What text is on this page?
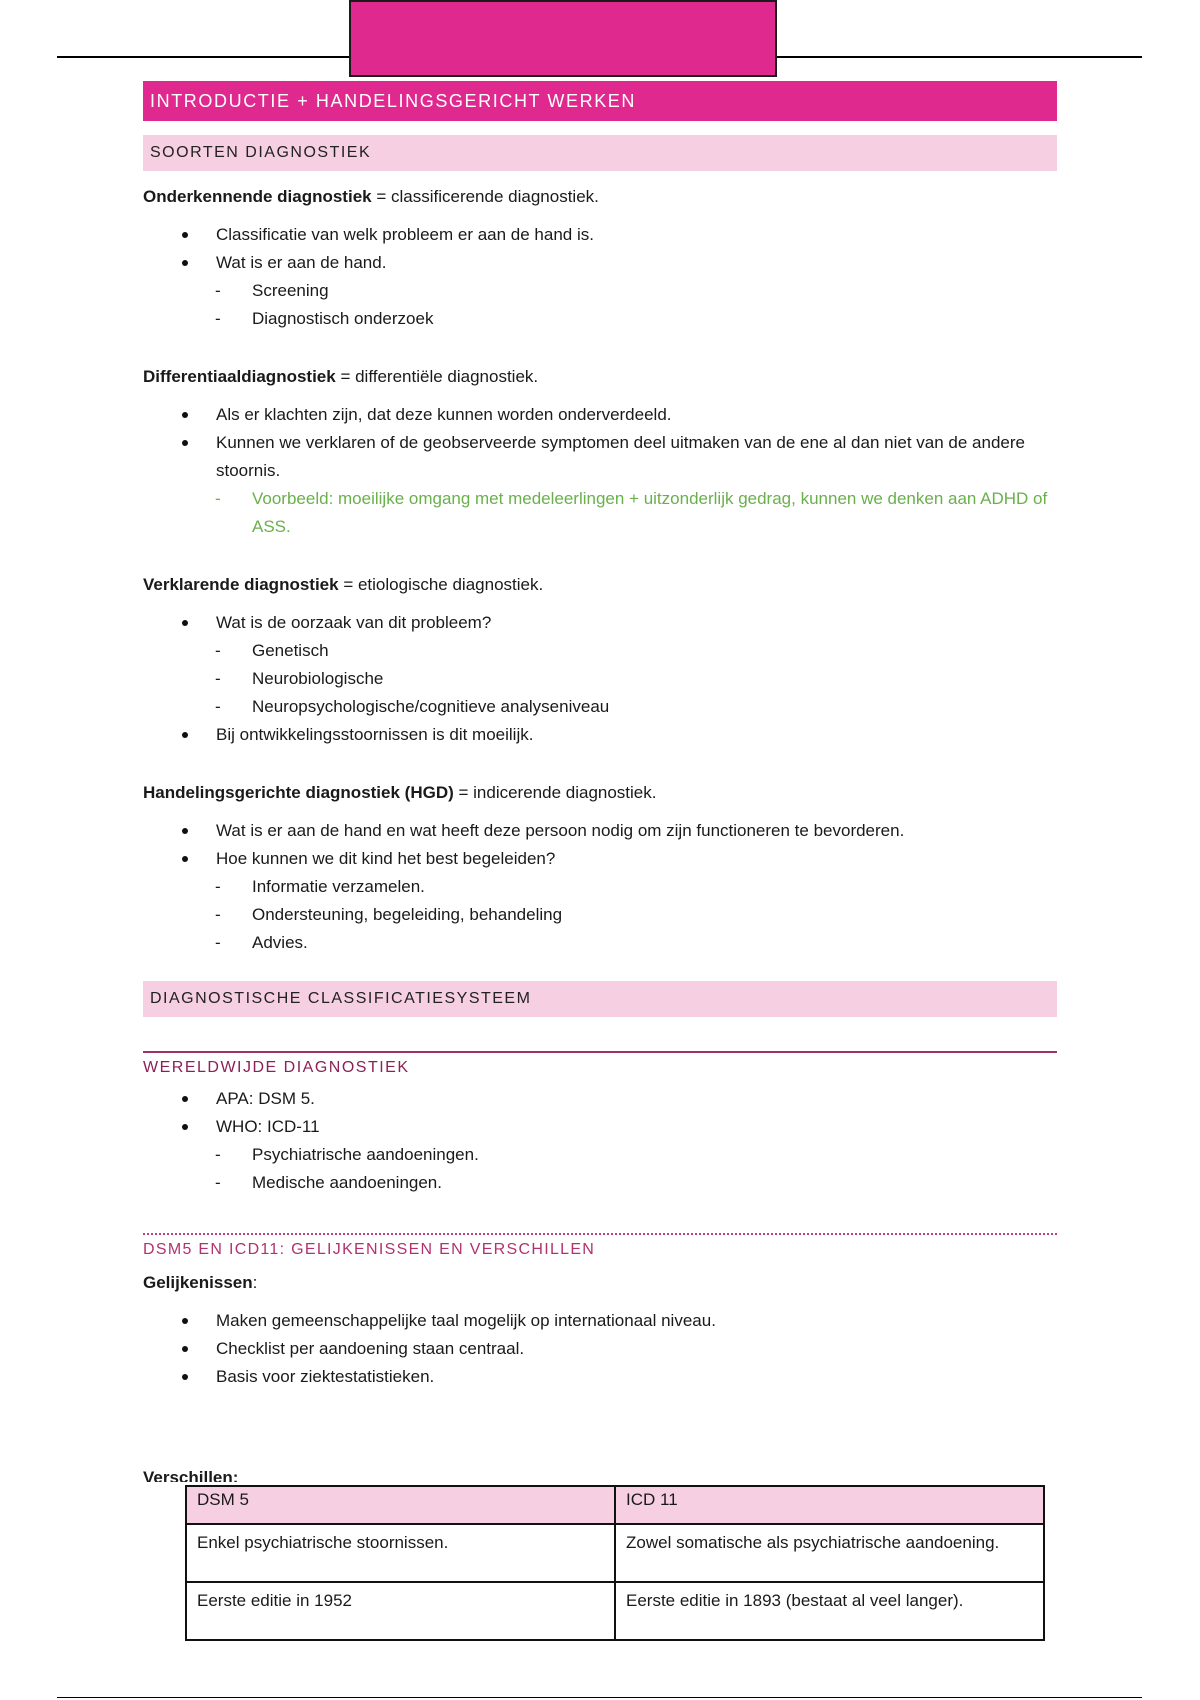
INTRODUCTIE + HANDELINGSGERICHT WERKEN
SOORTEN DIAGNOSTIEK

Onderkennende diagnostiek = classificerende diagnostiek.

Classificatie van welk probleem er aan de hand is.
Wat is er aan de hand.
- Screening
- Diagnostisch onderzoek

Differentiaaldiagnostiek = differentiële diagnostiek.

Als er klachten zijn, dat deze kunnen worden onderverdeeld.
Kunnen we verklaren of de geobserveerde symptomen deel uitmaken van de ene al dan niet van de andere stoornis.
- Voorbeeld: moeilijke omgang met medeleerlingen + uitzonderlijk gedrag, kunnen we denken aan ADHD of ASS.

Verklarende diagnostiek = etiologische diagnostiek.

Wat is de oorzaak van dit probleem?
- Genetisch
- Neurobiologische
- Neuropsychologische/cognitieve analyseniveau
Bij ontwikkelingsstoornissen is dit moeilijk.

Handelingsgerichte diagnostiek (HGD) = indicerende diagnostiek.

Wat is er aan de hand en wat heeft deze persoon nodig om zijn functioneren te bevorderen.
Hoe kunnen we dit kind het best begeleiden?
- Informatie verzamelen.
- Ondersteuning, begeleiding, behandeling
- Advies.
DIAGNOSTISCHE CLASSIFICATIESYSTEEM
WERELDWIJDE DIAGNOSTIEK
APA: DSM 5.
WHO: ICD-11
- Psychiatrische aandoeningen.
- Medische aandoeningen.
DSM5 EN ICD11: GELIJKENISSEN EN VERSCHILLEN

Gelijkenissen:

Maken gemeenschappelijke taal mogelijk op internationaal niveau.
Checklist per aandoening staan centraal.
Basis voor ziektestatistieken.
Verschillen:
DSM 5	ICD 11
Enkel psychiatrische stoornissen.	Zowel somatische als psychiatrische aandoening.
Eerste editie in 1952	Eerste editie in 1893 (bestaat al veel langer).
